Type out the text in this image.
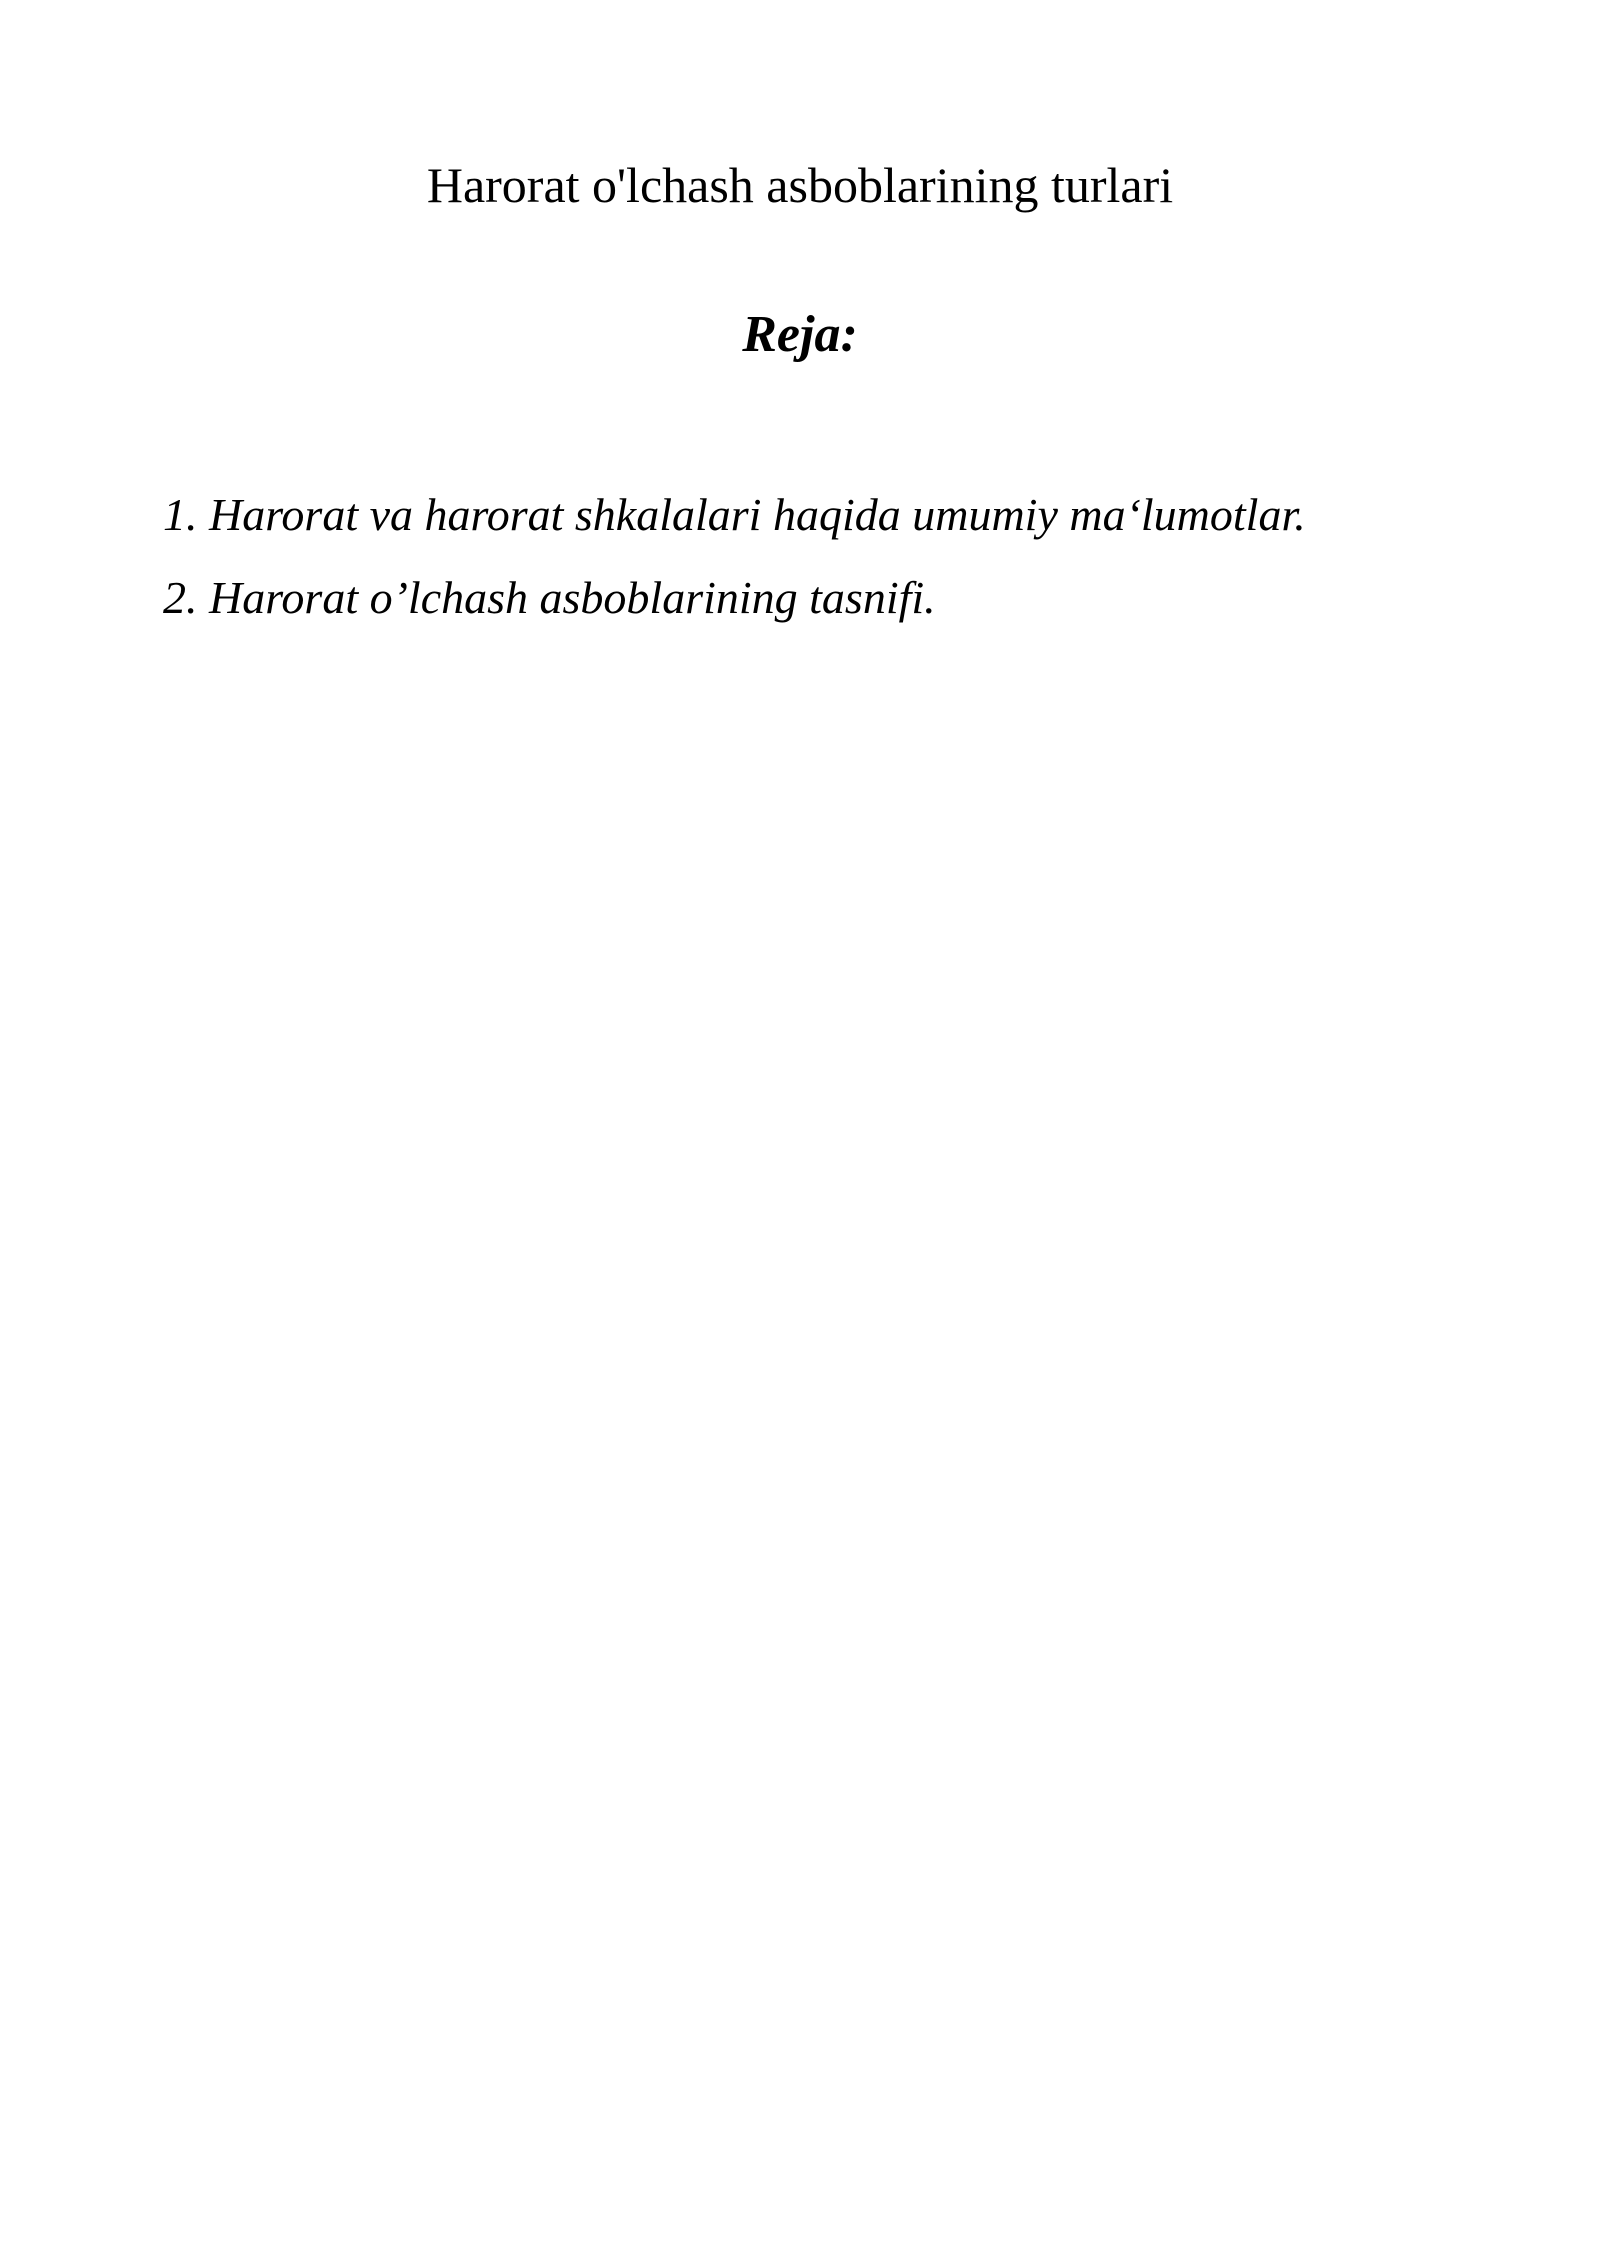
Harorat o'lchash asboblarining turlari
Reja:
1. Harorat va harorat shkalalari haqida umumiy ma‘lumotlar.
2. Harorat o’lchash asboblarining tasnifi.
